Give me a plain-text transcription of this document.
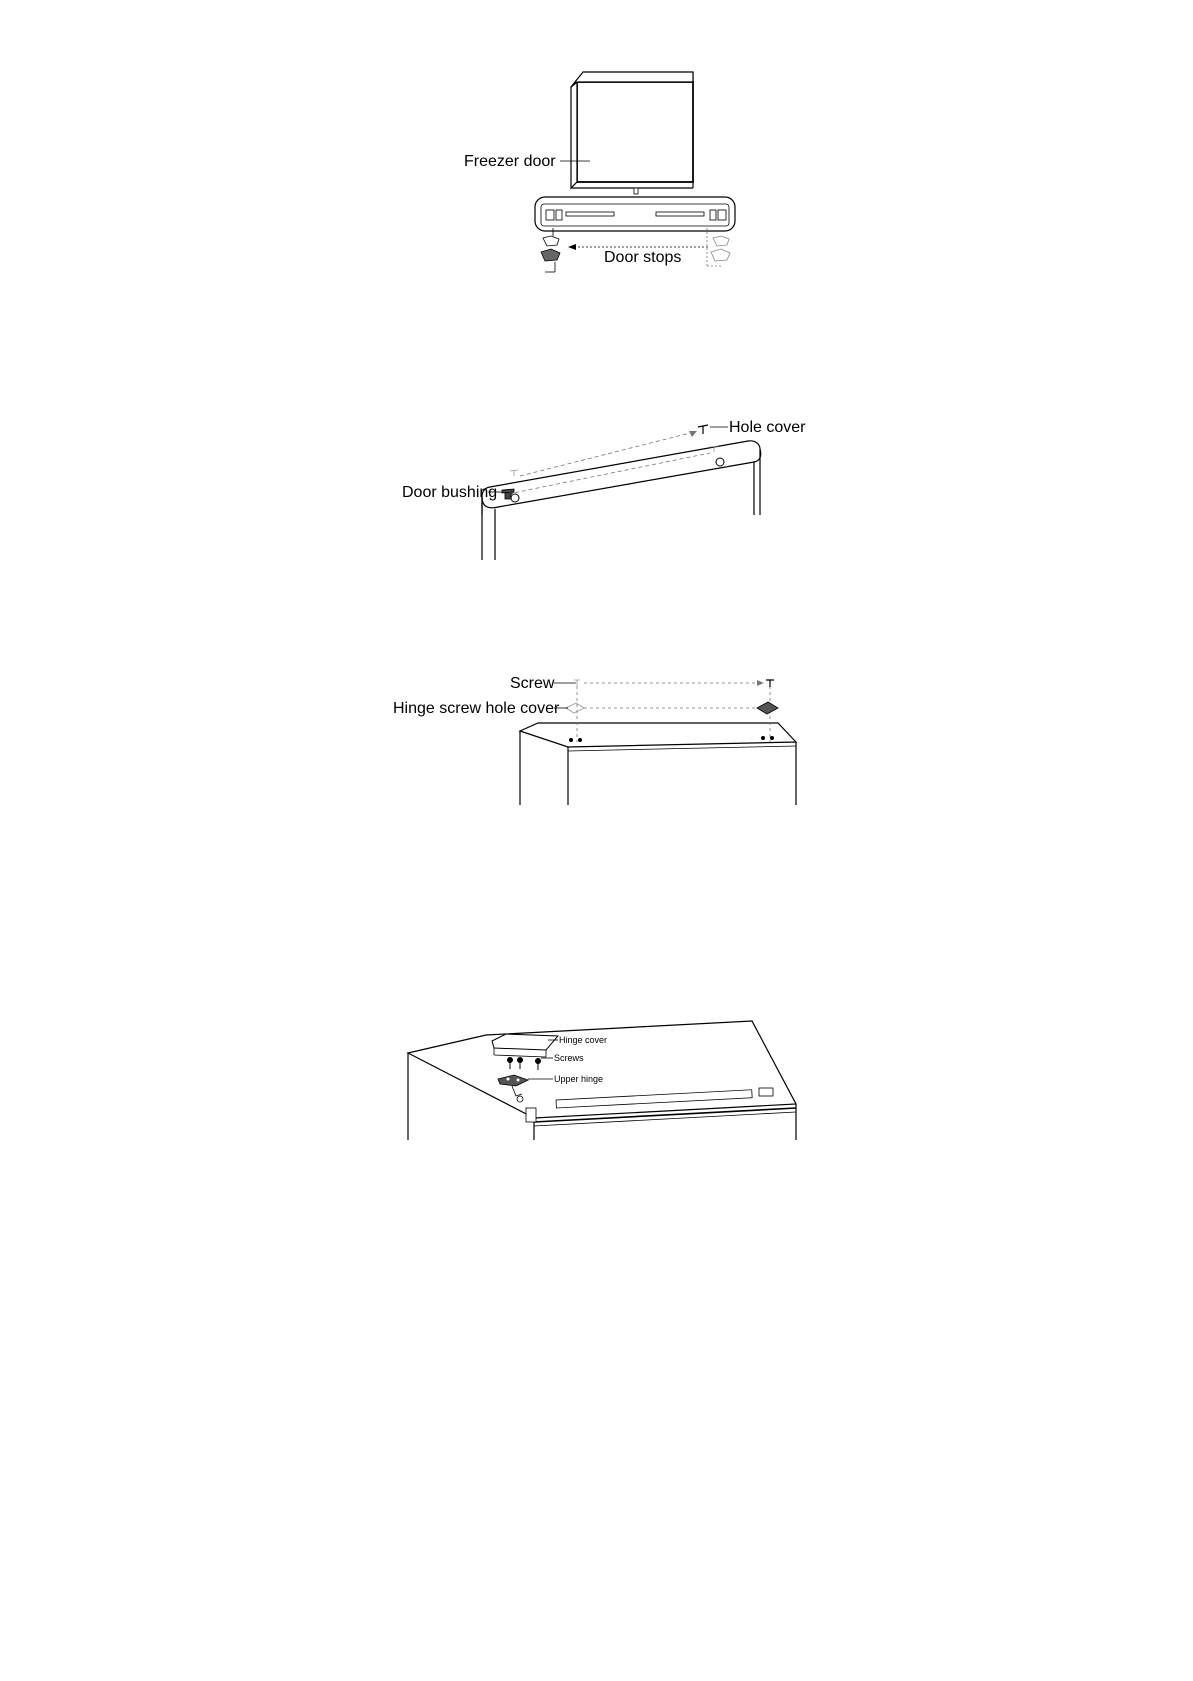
Freezer door
Door stops
Hole cover
Door bushing
Screw
Hinge screw hole cover
Hinge cover
Screws
Upper hinge
